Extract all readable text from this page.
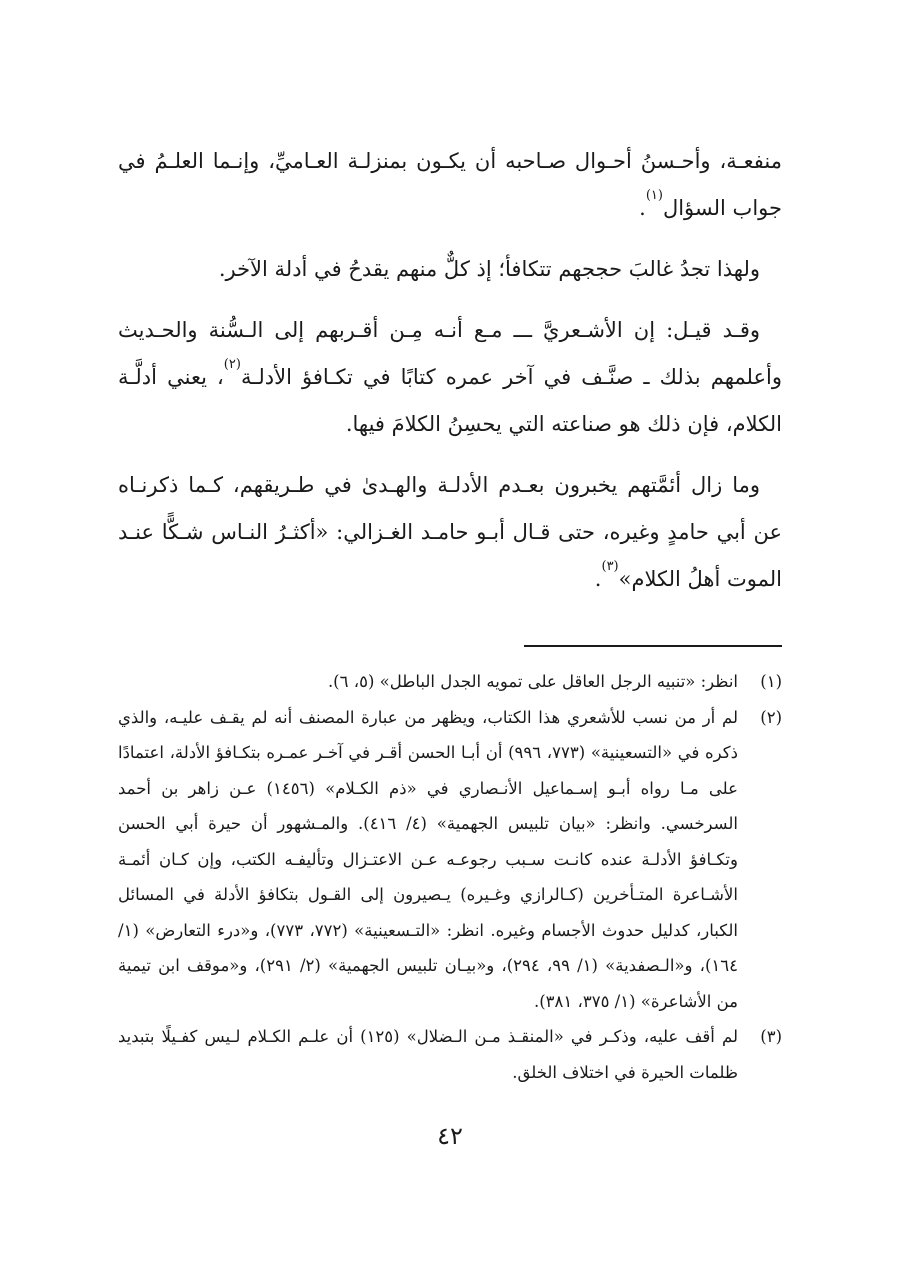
منفعـة، وأحـسنُ أحـوال صـاحبه أن يكـون بمنزلـة العـاميِّ، وإنـما العلـمُ في جواب السؤال$^{(١)}$.

ولهذا تجدُ غالبَ حججهم تتكافأ؛ إذ كلٌّ منهم يقدحُ في أدلة الآخر.

وقـد قيـل: إن الأشـعريَّ ـــ مـع أنـه مِـن أقـربهم إلى الـسُّنة والحـديث وأعلمهم بذلك ـ صنَّـف في آخر عمره كتابًا في تكـافؤ الأدلـة$^{(٢)}$، يعني أدلَّـة الكلام، فإن ذلك هو صناعته التي يحسِنُ الكلامَ فيها.

وما زال أئمَّتهم يخبرون بعـدم الأدلـة والهـدىٰ في طـريقهم، كـما ذكرنـاه عن أبي حامدٍ وغيره، حتى قـال أبـو حامـد الغـزالي: «أكثـرُ النـاس شـكًّا عنـد الموت أهلُ الكلام»$^{(٣)}$.

(١)
انظر: «تنبيه الرجل العاقل على تمويه الجدل الباطل» (٥، ٦).
(٢)
لم أر من نسب للأشعري هذا الكتاب، ويظهر من عبارة المصنف أنه لم يقـف عليـه، والذي ذكره في «التسعينية» (٧٧٣، ٩٩٦) أن أبـا الحسن أقـر في آخـر عمـره بتكـافؤ الأدلة، اعتمادًا على مـا رواه أبـو إسـماعيل الأنـصاري في «ذم الكـلام» (١٤٥٦) عـن زاهر بن أحمد السرخسي. وانظر: «بيان تلبيس الجهمية» (٤/ ٤١٦). والمـشهور أن حيرة أبي الحسن وتكـافؤ الأدلـة عنده كانـت سـبب رجوعـه عـن الاعتـزال وتأليفـه الكتب، وإن كـان أئمـة الأشـاعرة المتـأخرين (كـالرازي وغـيره) يـصيرون إلى القـول بتكافؤ الأدلة في المسائل الكبار، كدليل حدوث الأجسام وغيره. انظر: «التـسعينية» (٧٧٢، ٧٧٣)، و«درء التعارض» (١/ ١٦٤)، و«الـصفدية» (١/ ٩٩، ٢٩٤)، و«بيـان تلبيس الجهمية» (٢/ ٢٩١)، و«موقف ابن تيمية من الأشاعرة» (١/ ٣٧٥، ٣٨١).
(٣)
لم أقف عليه، وذكـر في «المنقـذ مـن الـضلال» (١٢٥) أن علـم الكـلام لـيس كفـيلًا بتبديد ظلمات الحيرة في اختلاف الخلق.
٤٢
